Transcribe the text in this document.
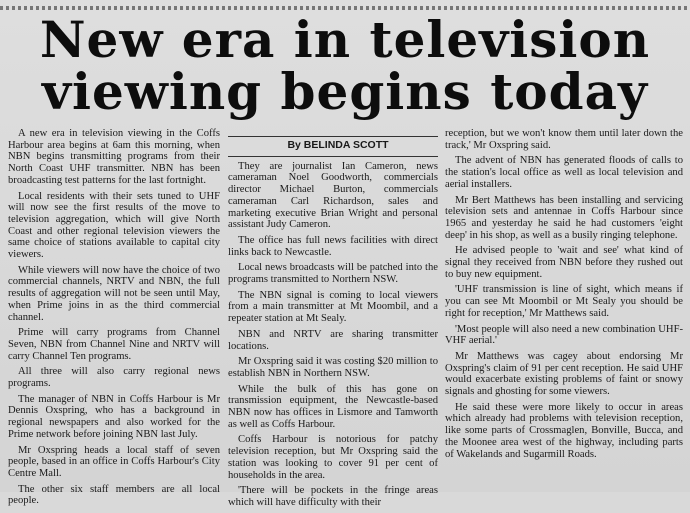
New era in television
viewing begins today

A new era in television viewing in the Coffs Harbour area begins at 6am this morning, when NBN begins transmitting programs from their North Coast UHF transmitter. NBN has been broadcasting test patterns for the last fortnight.

Local residents with their sets tuned to UHF will now see the first results of the move to television aggregation, which will give North Coast and other regional television viewers the same choice of stations available to capital city viewers.

While viewers will now have the choice of two commercial channels, NRTV and NBN, the full results of aggregation will not be seen until May, when Prime joins in as the third commercial channel.

Prime will carry programs from Channel Seven, NBN from Channel Nine and NRTV will carry Channel Ten programs.

All three will also carry regional news programs.

The manager of NBN in Coffs Harbour is Mr Dennis Oxspring, who has a background in regional newspapers and also worked for the Prime network before joining NBN last July.

Mr Oxspring heads a local staff of seven people, based in an office in Coffs Harbour's City Centre Mall.

The other six staff members are all local people.

By BELINDA SCOTT

They are journalist Ian Cameron, news cameraman Noel Goodworth, commercials director Michael Burton, commercials cameraman Carl Richardson, sales and marketing executive Brian Wright and personal assistant Judy Cameron.

The office has full news facilities with direct links back to Newcastle.

Local news broadcasts will be patched into the programs transmitted to Northern NSW.

The NBN signal is coming to local viewers from a main transmitter at Mt Moombil, and a repeater station at Mt Sealy.

NBN and NRTV are sharing transmitter locations.

Mr Oxspring said it was costing $20 million to establish NBN in Northern NSW.

While the bulk of this has gone on transmission equipment, the Newcastle-based NBN now has offices in Lismore and Tamworth as well as Coffs Harbour.

Coffs Harbour is notorious for patchy television reception, but Mr Oxspring said the station was looking to cover 91 per cent of households in the area.

'There will be pockets in the fringe areas which will have difficulty with their

reception, but we won't know them until later down the track,' Mr Oxspring said.

The advent of NBN has generated floods of calls to the station's local office as well as local television and aerial installers.

Mr Bert Matthews has been installing and servicing television sets and antennae in Coffs Harbour since 1965 and yesterday he said he had customers 'eight deep' in his shop, as well as a busily ringing telephone.

He advised people to 'wait and see' what kind of signal they received from NBN before they rushed out to buy new equipment.

'UHF transmission is line of sight, which means if you can see Mt Moombil or Mt Sealy you should be right for reception,' Mr Matthews said.

'Most people will also need a new combination UHF-VHF aerial.'

Mr Matthews was cagey about endorsing Mr Oxspring's claim of 91 per cent reception. He said UHF would exacerbate existing problems of faint or snowy signals and ghosting for some viewers.

He said these were more likely to occur in areas which already had problems with television reception, like some parts of Crossmaglen, Bonville, Bucca, and the Moonee area west of the highway, including parts of Wakelands and Sugarmill Roads.
